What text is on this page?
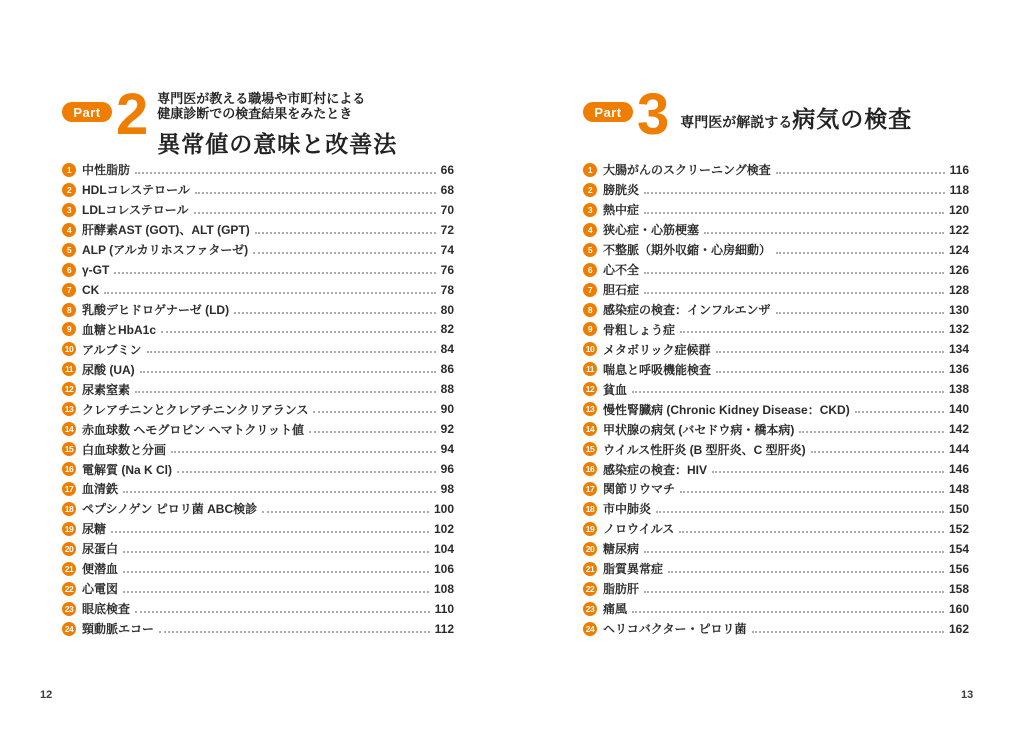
Part 2 専門医が教える職場や市町村による
健康診断での検査結果をみたとき
異常値の意味と改善法
1 中性脂肪	66
2 HDLコレステロール	68
3 LDLコレステロール	70
4 肝酵素AST (GOT)、ALT (GPT)	72
5 ALP (アルカリホスファターゼ)	74
6 γ-GT	76
7 CK	78
8 乳酸デヒドロゲナーゼ (LD)	80
9 血糖とHbA1c	82
10 アルブミン	84
11 尿酸 (UA)	86
12 尿素窒素	88
13 クレアチニンとクレアチニンクリアランス	90
14 赤血球数 ヘモグロビン ヘマトクリット値	92
15 白血球数と分画	94
16 電解質 (Na K Cl)	96
17 血清鉄	98
18 ペプシノゲン ピロリ菌 ABC検診	100
19 尿糖	102
20 尿蛋白	104
21 便潜血	106
22 心電図	108
23 眼底検査	110
24 頸動脈エコー	112
Part 3 専門医が解説する病気の検査
1 大腸がんのスクリーニング検査	116
2 膀胱炎	118
3 熱中症	120
4 狭心症・心筋梗塞	122
5 不整脈（期外収縮・心房細動）	124
6 心不全	126
7 胆石症	128
8 感染症の検査：インフルエンザ	130
9 骨粗しょう症	132
10 メタボリック症候群	134
11 喘息と呼吸機能検査	136
12 貧血	138
13 慢性腎臓病 (Chronic Kidney Disease：CKD)	140
14 甲状腺の病気 (バセドウ病・橋本病)	142
15 ウイルス性肝炎 (B 型肝炎、C 型肝炎)	144
16 感染症の検査：HIV	146
17 関節リウマチ	148
18 市中肺炎	150
19 ノロウイルス	152
20 糖尿病	154
21 脂質異常症	156
22 脂肪肝	158
23 痛風	160
24 ヘリコバクター・ピロリ菌	162
12	13
